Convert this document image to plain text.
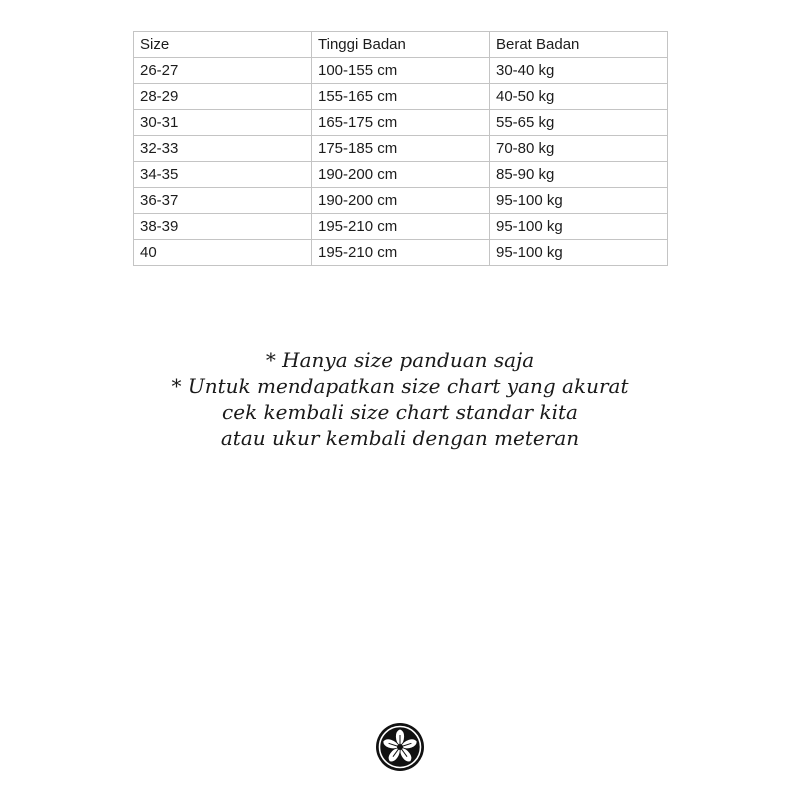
Size	Tinggi Badan	Berat Badan
26-27	100-155 cm	30-40 kg
28-29	155-165 cm	40-50 kg
30-31	165-175 cm	55-65 kg
32-33	175-185 cm	70-80 kg
34-35	190-200 cm	85-90 kg
36-37	190-200 cm	95-100 kg
38-39	195-210 cm	95-100 kg
40	195-210 cm	95-100 kg
* Hanya size panduan saja
* Untuk mendapatkan size chart yang akurat
cek kembali size chart standar kita
atau ukur kembali dengan meteran
